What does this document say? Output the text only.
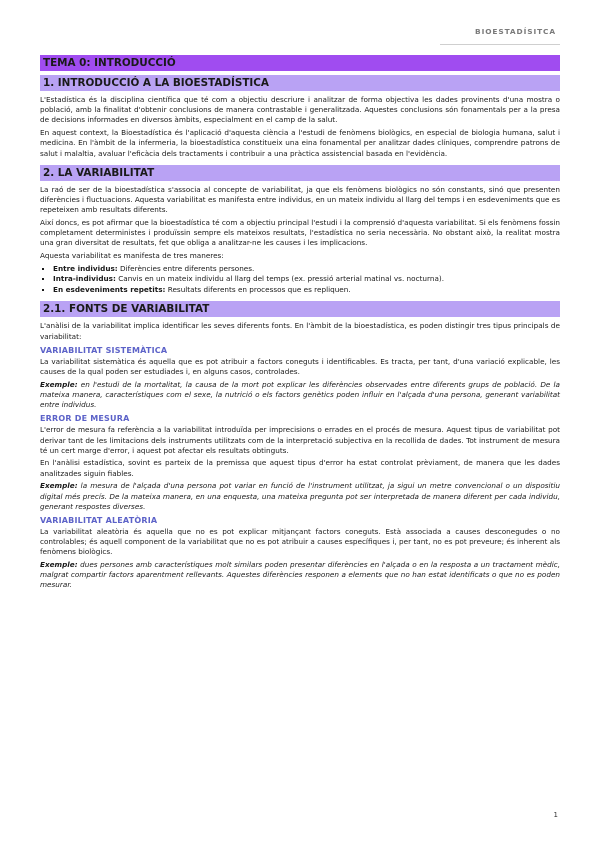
BIOESTADÍSITCA
TEMA 0: INTRODUCCIÓ
1. INTRODUCCIÓ A LA BIOESTADÍSTICA

L'Estadística és la disciplina científica que té com a objectiu descriure i analitzar de forma objectiva les dades provinents d'una mostra o població, amb la finalitat d'obtenir conclusions de manera contrastable i generalitzada. Aquestes conclusions són fonamentals per a la presa de decisions informades en diversos àmbits, especialment en el camp de la salut.

En aquest context, la Bioestadística és l'aplicació d'aquesta ciència a l'estudi de fenòmens biològics, en especial de biologia humana, salut i medicina. En l'àmbit de la infermeria, la bioestadística constitueix una eina fonamental per analitzar dades clíniques, comprendre patrons de salut i malaltia, avaluar l'eficàcia dels tractaments i contribuir a una pràctica assistencial basada en l'evidència.

2. LA VARIABILITAT

La raó de ser de la bioestadística s'associa al concepte de variabilitat, ja que els fenòmens biològics no són constants, sinó que presenten diferències i fluctuacions. Aquesta variabilitat es manifesta entre individus, en un mateix individu al llarg del temps i en esdeveniments que es repeteixen amb resultats diferents.

Així doncs, es pot afirmar que la bioestadística té com a objectiu principal l'estudi i la comprensió d'aquesta variabilitat. Si els fenòmens fossin completament deterministes i produïssin sempre els mateixos resultats, l'estadística no seria necessària. No obstant això, la realitat mostra una gran diversitat de resultats, fet que obliga a analitzar-ne les causes i les implicacions.

Aquesta variabilitat es manifesta de tres maneres:

▪ Entre individus: Diferències entre diferents persones.
▪ Intra-individus: Canvis en un mateix individu al llarg del temps (ex. pressió arterial matinal vs. nocturna).
▪ En esdeveniments repetits: Resultats diferents en processos que es repliquen.
2.1. FONTS DE VARIABILITAT

L'anàlisi de la variabilitat implica identificar les seves diferents fonts. En l'àmbit de la bioestadística, es poden distingir tres tipus principals de variabilitat:

VARIABILITAT SISTEMÀTICA

La variabilitat sistemàtica és aquella que es pot atribuir a factors coneguts i identificables. Es tracta, per tant, d'una variació explicable, les causes de la qual poden ser estudiades i, en alguns casos, controlades.

Exemple: en l'estudi de la mortalitat, la causa de la mort pot explicar les diferències observades entre diferents grups de població. De la mateixa manera, característiques com el sexe, la nutrició o els factors genètics poden influir en l'alçada d'una persona, generant variabilitat entre individus.

ERROR DE MESURA

L'error de mesura fa referència a la variabilitat introduïda per imprecisions o errades en el procés de mesura. Aquest tipus de variabilitat pot derivar tant de les limitacions dels instruments utilitzats com de la interpretació subjectiva en la recollida de dades. Tot instrument de mesura té un cert marge d'error, i aquest pot afectar els resultats obtinguts.

En l'anàlisi estadística, sovint es parteix de la premissa que aquest tipus d'error ha estat controlat prèviament, de manera que les dades analitzades siguin fiables.

Exemple: la mesura de l'alçada d'una persona pot variar en funció de l'instrument utilitzat, ja sigui un metre convencional o un dispositiu digital més precís. De la mateixa manera, en una enquesta, una mateixa pregunta pot ser interpretada de manera diferent per cada individu, generant respostes diverses.

VARIABILITAT ALEATÒRIA

La variabilitat aleatòria és aquella que no es pot explicar mitjançant factors coneguts. Està associada a causes desconegudes o no controlables; és aquell component de la variabilitat que no es pot atribuir a causes específiques i, per tant, no es pot preveure; és inherent als fenòmens biològics.

Exemple: dues persones amb característiques molt similars poden presentar diferències en l'alçada o en la resposta a un tractament mèdic, malgrat compartir factors aparentment rellevants. Aquestes diferències responen a elements que no han estat identificats o que no es poden mesurar.

1
